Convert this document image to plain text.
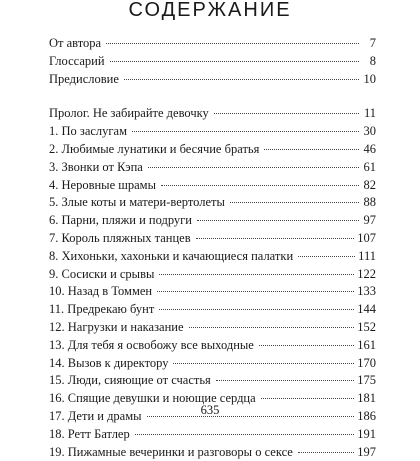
СОДЕРЖАНИЕ
От автора	7
Глоссарий	8
Предисловие	10
Пролог. Не забирайте девочку	11
1. По заслугам	30
2. Любимые лунатики и бесячие братья	46
3. Звонки от Кэпа	61
4. Неровные шрамы	82
5. Злые коты и матери-вертолеты	88
6. Парни, пляжи и подруги	97
7. Король пляжных танцев	107
8. Хихоньки, хахоньки и качающиеся палатки	111
9. Сосиски и срывы	122
10. Назад в Томмен	133
11. Предрекаю бунт	144
12. Нагрузки и наказание	152
13. Для тебя я освобожу все выходные	161
14. Вызов к директору	170
15. Люди, сияющие от счастья	175
16. Спящие девушки и ноющие сердца	181
17. Дети и драмы	186
18. Ретт Батлер	191
19. Пижамные вечеринки и разговоры о сексе	197
635
